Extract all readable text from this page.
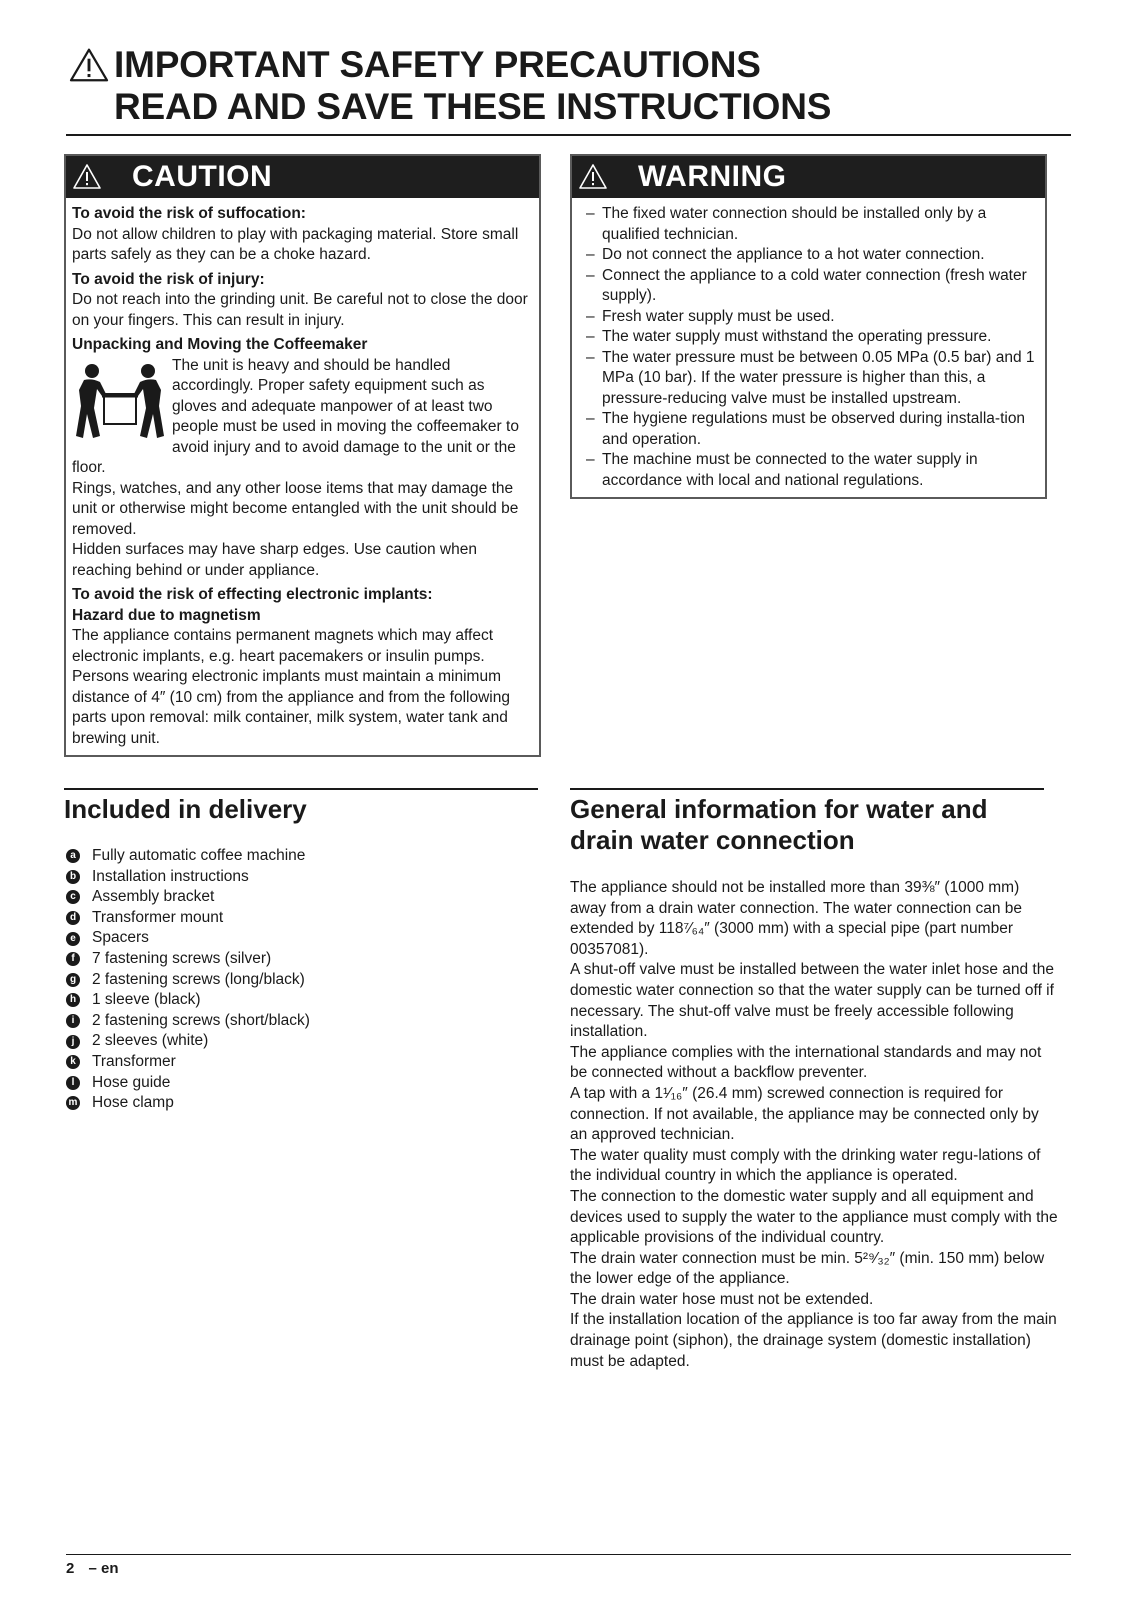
IMPORTANT SAFETY PRECAUTIONS
READ AND SAVE THESE INSTRUCTIONS
CAUTION

To avoid the risk of suffocation:

Do not allow children to play with packaging material. Store small parts safely as they can be a choke hazard.

To avoid the risk of injury:

Do not reach into the grinding unit. Be careful not to close the door on your fingers. This can result in injury.

Unpacking and Moving the Coffeemaker

The unit is heavy and should be handled accordingly. Proper safety equipment such as gloves and adequate manpower of at least two people must be used in moving the coffeemaker to avoid injury and to avoid damage to the unit or the floor.

Rings, watches, and any other loose items that may damage the unit or otherwise might become entangled with the unit should be removed.

Hidden surfaces may have sharp edges. Use caution when reaching behind or under appliance.

To avoid the risk of effecting electronic implants:

Hazard due to magnetism

The appliance contains permanent magnets which may affect electronic implants, e.g. heart pacemakers or insulin pumps. Persons wearing electronic implants must maintain a minimum distance of 4″ (10 cm) from the appliance and from the following parts upon removal: milk container, milk system, water tank and brewing unit.

WARNING
– The fixed water connection should be installed only by a qualified technician.
– Do not connect the appliance to a hot water connection.
– Connect the appliance to a cold water connection (fresh water supply).
– Fresh water supply must be used.
– The water supply must withstand the operating pressure.
– The water pressure must be between 0.05 MPa (0.5 bar) and 1 MPa (10 bar). If the water pressure is higher than this, a pressure-reducing valve must be installed upstream.
– The hygiene regulations must be observed during installa-tion and operation.
– The machine must be connected to the water supply in accordance with local and national regulations.
Included in delivery
a Fully automatic coffee machine
b Installation instructions
c Assembly bracket
d Transformer mount
e Spacers
f	7 fastening screws (silver)
g 2 fastening screws (long/black)
h 1 sleeve (black)
i	2 fastening screws (short/black)
j	2 sleeves (white)
k Transformer
l	Hose guide
m Hose clamp
General information for water and
drain water connection

The appliance should not be installed more than 39⅜″ (1000 mm) away from a drain water connection. The water connection can be extended by 118⁷⁄₆₄″ (3000 mm) with a special pipe (part number 00357081).

A shut-off valve must be installed between the water inlet hose and the domestic water connection so that the water supply can be turned off if necessary. The shut-off valve must be freely accessible following installation.

The appliance complies with the international standards and may not be connected without a backflow preventer.

A tap with a 1¹⁄₁₆″ (26.4 mm) screwed connection is required for connection. If not available, the appliance may be connected only by an approved technician.

The water quality must comply with the drinking water regu-lations of the individual country in which the appliance is operated.

The connection to the domestic water supply and all equipment and devices used to supply the water to the appliance must comply with the applicable provisions of the individual country.

The drain water connection must be min. 5²⁹⁄₃₂″ (min. 150 mm) below the lower edge of the appliance.

The drain water hose must not be extended.

If the installation location of the appliance is too far away from the main drainage point (siphon), the drainage system (domestic installation) must be adapted.

2 – en
